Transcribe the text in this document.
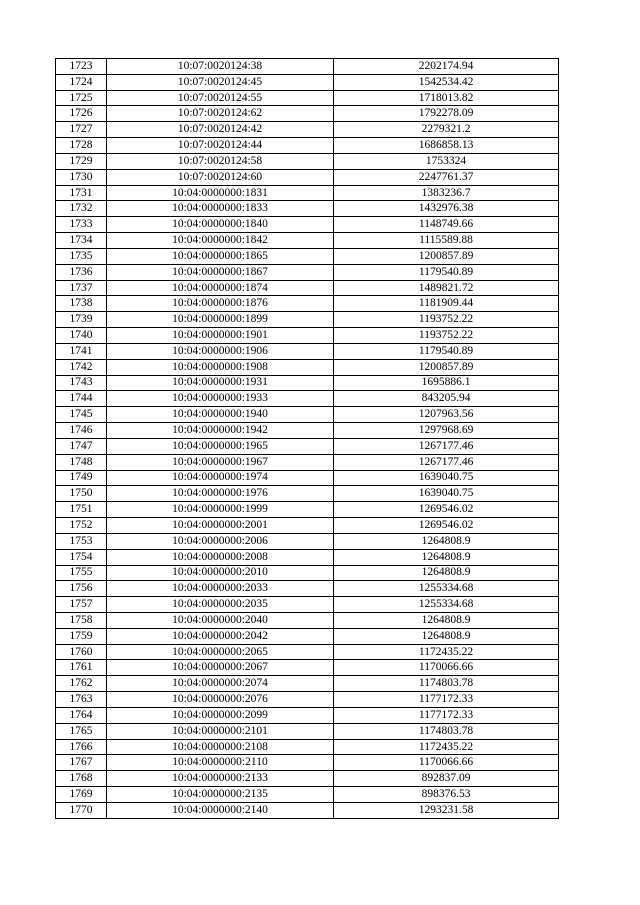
1723	10:07:0020124:38	2202174.94
1724	10:07:0020124:45	1542534.42
1725	10:07:0020124:55	1718013.82
1726	10:07:0020124:62	1792278.09
1727	10:07:0020124:42	2279321.2
1728	10:07:0020124:44	1686858.13
1729	10:07:0020124:58	1753324
1730	10:07:0020124:60	2247761.37
1731	10:04:0000000:1831	1383236.7
1732	10:04:0000000:1833	1432976.38
1733	10:04:0000000:1840	1148749.66
1734	10:04:0000000:1842	1115589.88
1735	10:04:0000000:1865	1200857.89
1736	10:04:0000000:1867	1179540.89
1737	10:04:0000000:1874	1489821.72
1738	10:04:0000000:1876	1181909.44
1739	10:04:0000000:1899	1193752.22
1740	10:04:0000000:1901	1193752.22
1741	10:04:0000000:1906	1179540.89
1742	10:04:0000000:1908	1200857.89
1743	10:04:0000000:1931	1695886.1
1744	10:04:0000000:1933	843205.94
1745	10:04:0000000:1940	1207963.56
1746	10:04:0000000:1942	1297968.69
1747	10:04:0000000:1965	1267177.46
1748	10:04:0000000:1967	1267177.46
1749	10:04:0000000:1974	1639040.75
1750	10:04:0000000:1976	1639040.75
1751	10:04:0000000:1999	1269546.02
1752	10:04:0000000:2001	1269546.02
1753	10:04:0000000:2006	1264808.9
1754	10:04:0000000:2008	1264808.9
1755	10:04:0000000:2010	1264808.9
1756	10:04:0000000:2033	1255334.68
1757	10:04:0000000:2035	1255334.68
1758	10:04:0000000:2040	1264808.9
1759	10:04:0000000:2042	1264808.9
1760	10:04:0000000:2065	1172435.22
1761	10:04:0000000:2067	1170066.66
1762	10:04:0000000:2074	1174803.78
1763	10:04:0000000:2076	1177172.33
1764	10:04:0000000:2099	1177172.33
1765	10:04:0000000:2101	1174803.78
1766	10:04:0000000:2108	1172435.22
1767	10:04:0000000:2110	1170066.66
1768	10:04:0000000:2133	892837.09
1769	10:04:0000000:2135	898376.53
1770	10:04:0000000:2140	1293231.58
